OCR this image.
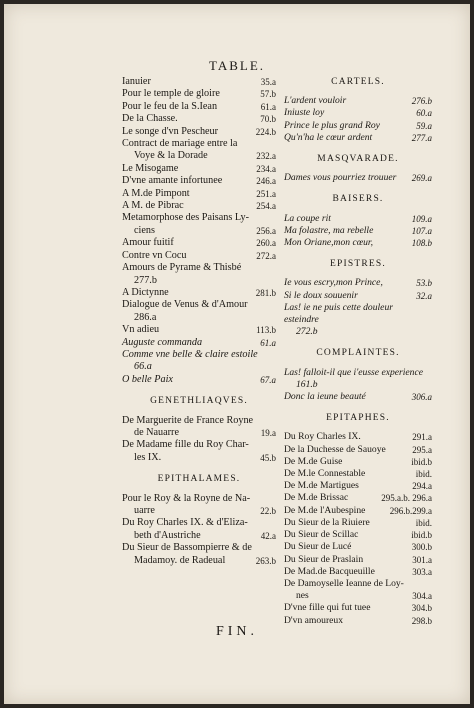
TABLE.
Ianuier	35.a
Pour le temple de gloire	57.b
Pour le feu de la S.Iean	61.a
De la Chasse.	70.b
Le songe d'vn Pescheur	224.b
Contract de mariage entre la
Voye & la Dorade	232.a
Le Misogame	234.a
D'vne amante infortunee	246.a
A M.de Pimpont	251.a
A M. de Pibrac	254.a
Metamorphose des Paisans Ly-
ciens	256.a
Amour fuitif	260.a
Contre vn Cocu	272.a
Amours de Pyrame & Thisbé
277.b
A Dictynne	281.b
Dialogue de Venus & d'Amour
286.a
Vn adieu	113.b
Auguste commanda	61.a
Comme vne belle & claire estoile
66.a
O belle Paix	67.a
GENETHLIAQVES.
De Marguerite de France Royne
de Nauarre	19.a
De Madame fille du Roy Char-
les IX.	45.b
EPITHALAMES.
Pour le Roy & la Royne de Na-
uarre	22.b
Du Roy Charles IX. & d'Eliza-
beth d'Austriche	42.a
Du Sieur de Bassompierre & de
Madamoy. de Radeual	263.b
CARTELS.
L'ardent vouloir	276.b
Iniuste loy	60.a
Prince le plus grand Roy	59.a
Qu'n'ha le cœur ardent	277.a
MASQVARADE.
Dames vous pourriez trouuer	269.a
BAISERS.
La coupe rit	109.a
Ma folastre, ma rebelle	107.a
Mon Oriane,mon cœur,	108.b
EPISTRES.
Ie vous escry,mon Prince,	53.b
Si le doux souuenir	32.a
Las! ie ne puis cette douleur esteindre
272.b
COMPLAINTES.
Las! falloit-il que i'eusse experience
161.b
Donc la ieune beauté	306.a
EPITAPHES.
Du Roy Charles IX.	291.a
De la Duchesse de Sauoye	295.a
De M.de Guise	ibid.b
De M.le Connestable	ibid.
De M.de Martigues	294.a
De M.de Brissac	295.a.b. 296.a
De M.de l'Aubespine	296.b.299.a
Du Sieur de la Riuiere	ibid.
Du Sieur de Scillac	ibid.b
Du Sieur de Lucé	300.b
Du Sieur de Praslain	301.a
De Mad.de Bacqueuille	303.a
De Damoyselle Ieanne de Loy-
nes	304.a
D'vne fille qui fut tuee	304.b
D'vn amoureux	298.b
FIN.
